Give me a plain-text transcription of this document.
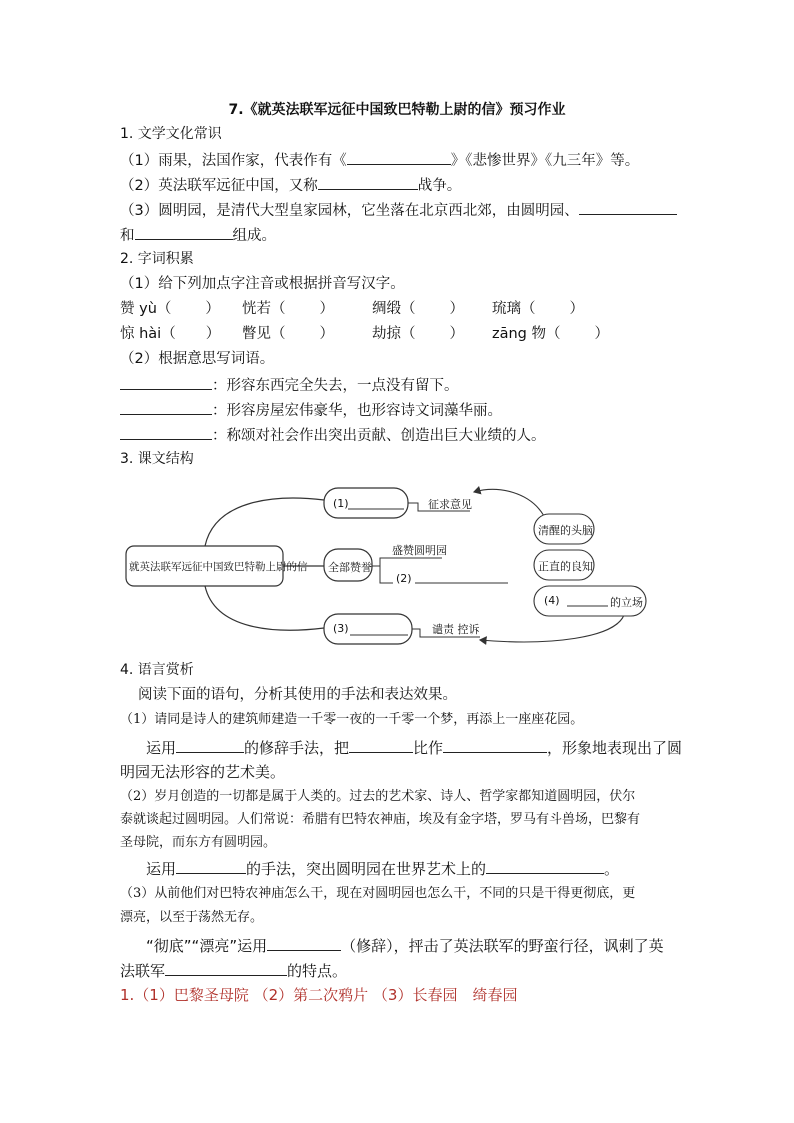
7.《就英法联军远征中国致巴特勒上尉的信》预习作业
1. 文学文化常识
（1）雨果，法国作家，代表作有《	》《悲惨世界》《九三年》等。
（2）英法联军远征中国，又称	战争。
（3）圆明园，是清代大型皇家园林，它坐落在北京西北郊，由圆明园、
和	组成。
2. 字词积累
（1）给下列加点字注音或根据拼音写汉字。
赞 yù（ ） 恍若（ ）	绸缎（ ） 琉璃（ ）
惊 hài（ ） 瞥见（ ）	劫掠（ ） zāng 物（ ）
（2）根据意思写词语。
：形容东西完全失去，一点没有留下。
：形容房屋宏伟豪华，也形容诗文词藻华丽。
：称颂对社会作出突出贡献、创造出巨大业绩的人。
3. 课文结构
就英法联军远征中国致巴特勒上尉的信
(1)	征求意见
全部赞誉
盛赞圆明园
(2)
(3)	谴责 控诉
清醒的头脑
正直的良知
(4)	的立场
4. 语言赏析
阅读下面的语句，分析其使用的手法和表达效果。
（1）请同是诗人的建筑师建造一千零一夜的一千零一个梦，再添上一座座花园。
运用	的修辞手法，把	比作	，形象地表现出了圆
明园无法形容的艺术美。
（2）岁月创造的一切都是属于人类的。过去的艺术家、诗人、哲学家都知道圆明园，伏尔
泰就谈起过圆明园。人们常说：希腊有巴特农神庙，埃及有金字塔，罗马有斗兽场，巴黎有
圣母院，而东方有圆明园。
运用	的手法，突出圆明园在世界艺术上的	。
（3）从前他们对巴特农神庙怎么干，现在对圆明园也怎么干，不同的只是干得更彻底，更
漂亮，以至于荡然无存。
“彻底”“漂亮”运用	（修辞），抨击了英法联军的野蛮行径，讽刺了英
法联军	的特点。
1.（1）巴黎圣母院 （2）第二次鸦片 （3）长春园　绮春园
